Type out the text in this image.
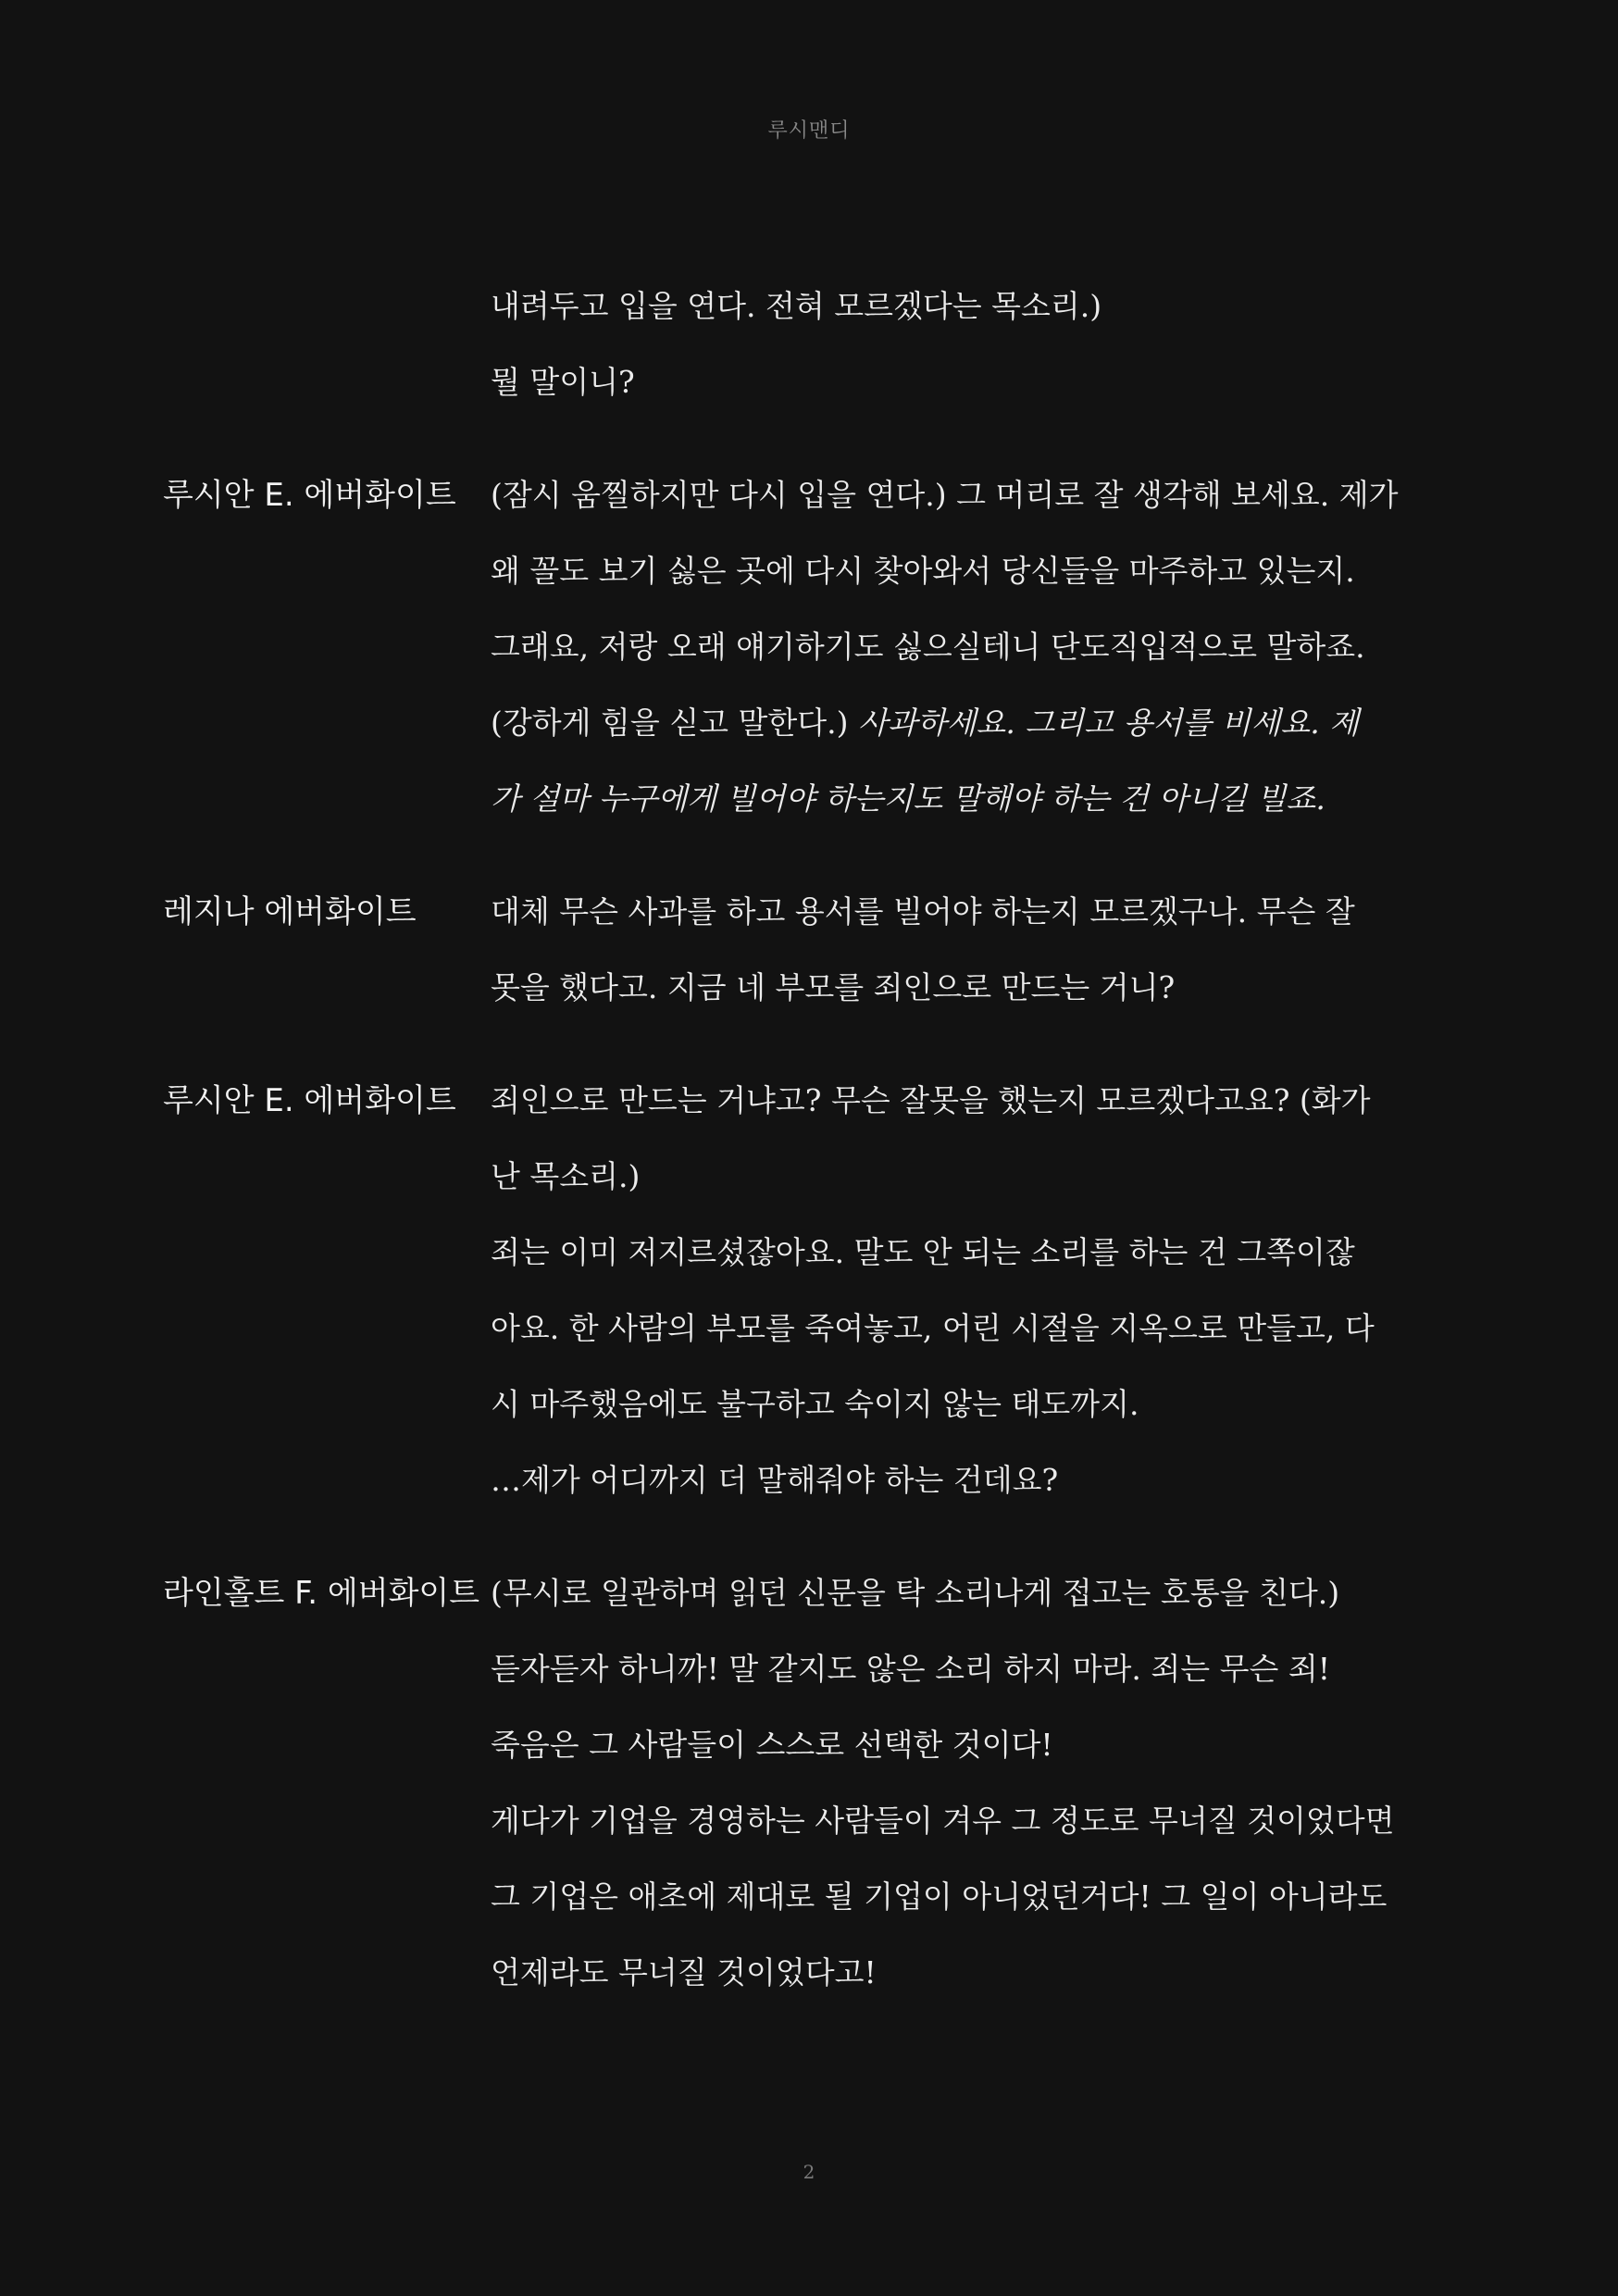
루시맨디
내려두고 입을 연다. 전혀 모르겠다는 목소리.)
뭘 말이니?
루시안 E. 에버화이트 (잠시 움찔하지만 다시 입을 연다.) 그 머리로 잘 생각해 보세요. 제가
왜 꼴도 보기 싫은 곳에 다시 찾아와서 당신들을 마주하고 있는지.
그래요, 저랑 오래 얘기하기도 싫으실테니 단도직입적으로 말하죠.
(강하게 힘을 싣고 말한다.) 사과하세요. 그리고 용서를 비세요. 제
가 설마 누구에게 빌어야 하는지도 말해야 하는 건 아니길 빌죠.
레지나 에버화이트 대체 무슨 사과를 하고 용서를 빌어야 하는지 모르겠구나. 무슨 잘
못을 했다고. 지금 네 부모를 죄인으로 만드는 거니?
루시안 E. 에버화이트 죄인으로 만드는 거냐고? 무슨 잘못을 했는지 모르겠다고요? (화가
난 목소리.)
죄는 이미 저지르셨잖아요. 말도 안 되는 소리를 하는 건 그쪽이잖
아요. 한 사람의 부모를 죽여놓고, 어린 시절을 지옥으로 만들고, 다
시 마주했음에도 불구하고 숙이지 않는 태도까지.
…제가 어디까지 더 말해줘야 하는 건데요?
라인홀트 F. 에버화이트 (무시로 일관하며 읽던 신문을 탁 소리나게 접고는 호통을 친다.)
듣자듣자 하니까! 말 같지도 않은 소리 하지 마라. 죄는 무슨 죄!
죽음은 그 사람들이 스스로 선택한 것이다!
게다가 기업을 경영하는 사람들이 겨우 그 정도로 무너질 것이었다면
그 기업은 애초에 제대로 될 기업이 아니었던거다! 그 일이 아니라도
언제라도 무너질 것이었다고!
2
